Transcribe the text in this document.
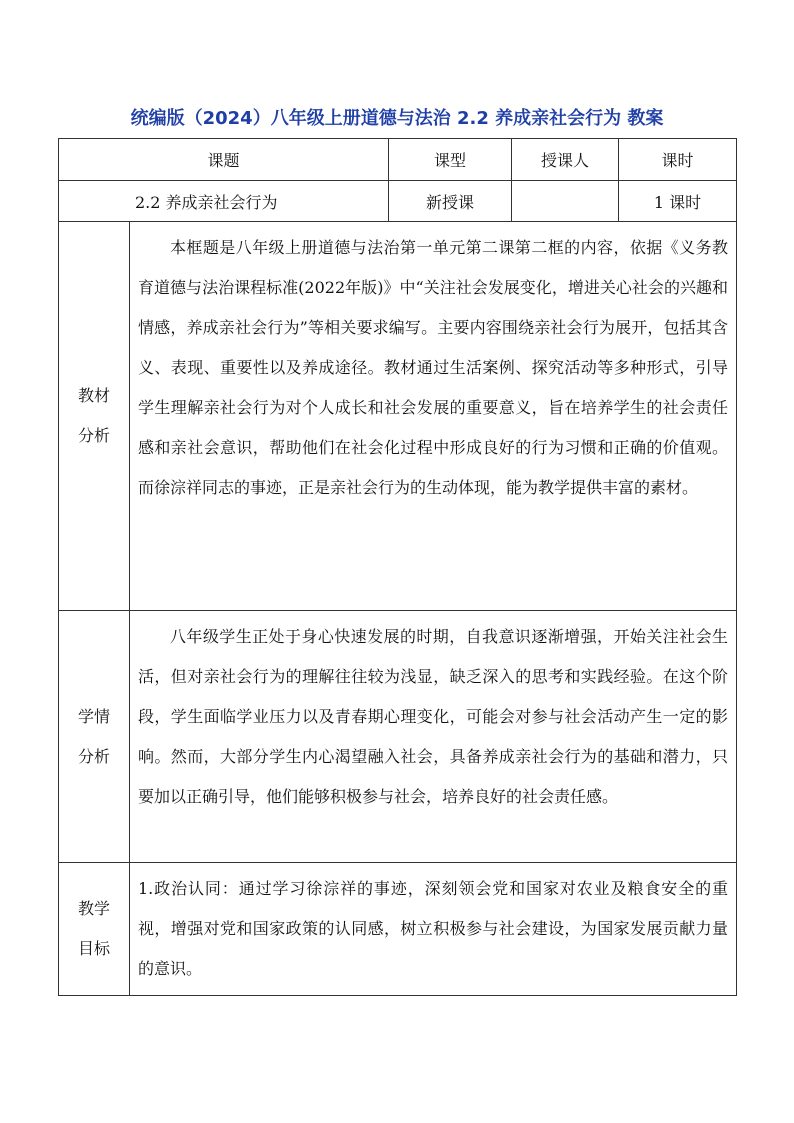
统编版（2024）八年级上册道德与法治 2.2 养成亲社会行为 教案
课题		课型	授课人	课时
2.2 养成亲社会行为		新授课		1 课时

教材
分析	本框题是八年级上册道德与法治第一单元第二课第二框的内容，依据《义务教育道德与法治课程标准(2022年版)》中“关注社会发展变化，增进关心社会的兴趣和情感，养成亲社会行为”等相关要求编写。主要内容围绕亲社会行为展开，包括其含义、表现、重要性以及养成途径。教材通过生活案例、探究活动等多种形式，引导学生理解亲社会行为对个人成长和社会发展的重要意义，旨在培养学生的社会责任感和亲社会意识，帮助他们在社会化过程中形成良好的行为习惯和正确的价值观。而徐淙祥同志的事迹，正是亲社会行为的生动体现，能为教学提供丰富的素材。			

学情
分析	八年级学生正处于身心快速发展的时期，自我意识逐渐增强，开始关注社会生活，但对亲社会行为的理解往往较为浅显，缺乏深入的思考和实践经验。在这个阶段，学生面临学业压力以及青春期心理变化，可能会对参与社会活动产生一定的影响。然而，大部分学生内心渴望融入社会，具备养成亲社会行为的基础和潜力，只要加以正确引导，他们能够积极参与社会，培养良好的社会责任感。			

教学
目标	1.政治认同：通过学习徐淙祥的事迹，深刻领会党和国家对农业及粮食安全的重视，增强对党和国家政策的认同感，树立积极参与社会建设，为国家发展贡献力量的意识。			
